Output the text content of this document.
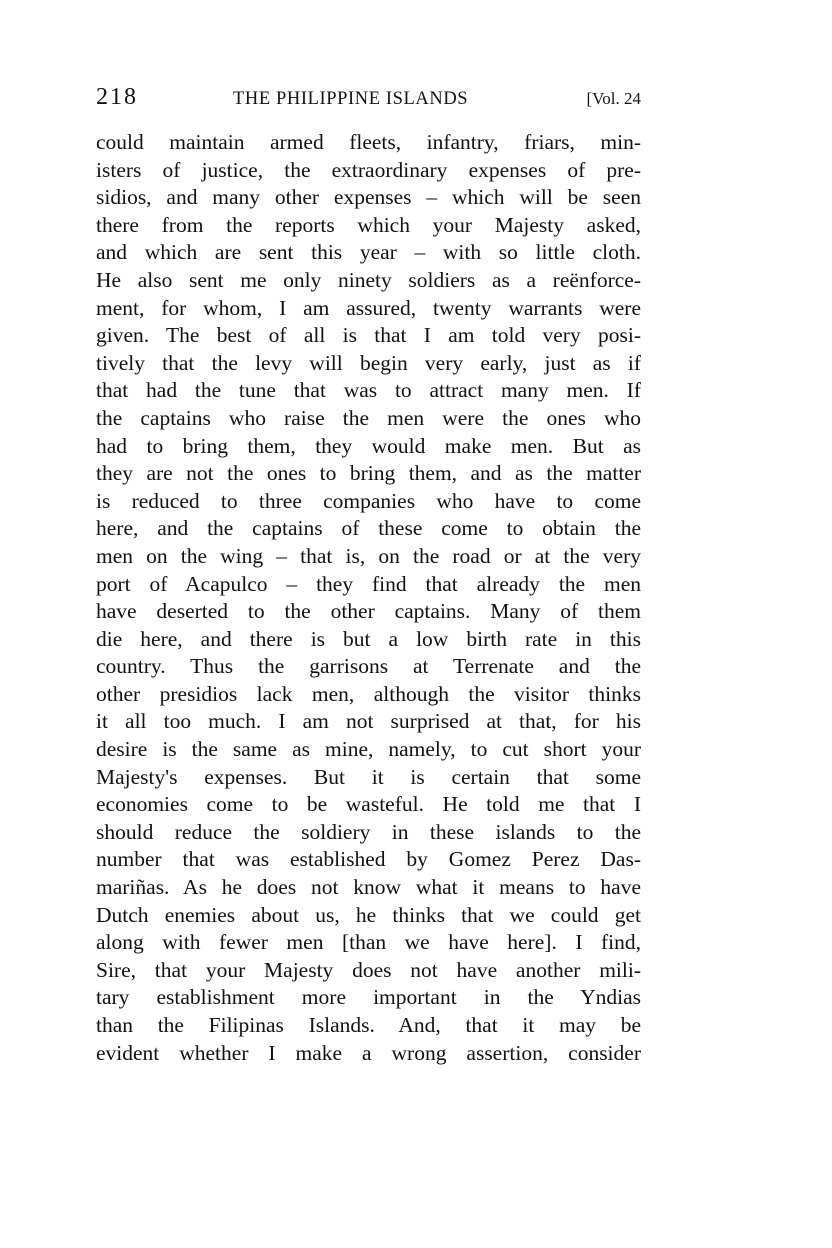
218	THE PHILIPPINE ISLANDS	[Vol. 24
could maintain armed fleets, infantry, friars, min-
isters of justice, the extraordinary expenses of pre-
sidios, and many other expenses – which will be seen
there from the reports which your Majesty asked,
and which are sent this year – with so little cloth.
He also sent me only ninety soldiers as a reënforce-
ment, for whom, I am assured, twenty warrants were
given. The best of all is that I am told very posi-
tively that the levy will begin very early, just as if
that had the tune that was to attract many men. If
the captains who raise the men were the ones who
had to bring them, they would make men. But as
they are not the ones to bring them, and as the matter
is reduced to three companies who have to come
here, and the captains of these come to obtain the
men on the wing – that is, on the road or at the very
port of Acapulco – they find that already the men
have deserted to the other captains. Many of them
die here, and there is but a low birth rate in this
country. Thus the garrisons at Terrenate and the
other presidios lack men, although the visitor thinks
it all too much. I am not surprised at that, for his
desire is the same as mine, namely, to cut short your
Majesty's expenses. But it is certain that some
economies come to be wasteful. He told me that I
should reduce the soldiery in these islands to the
number that was established by Gomez Perez Das-
mariñas. As he does not know what it means to have
Dutch enemies about us, he thinks that we could get
along with fewer men [than we have here]. I find,
Sire, that your Majesty does not have another mili-
tary establishment more important in the Yndias
than the Filipinas Islands. And, that it may be
evident whether I make a wrong assertion, consider
